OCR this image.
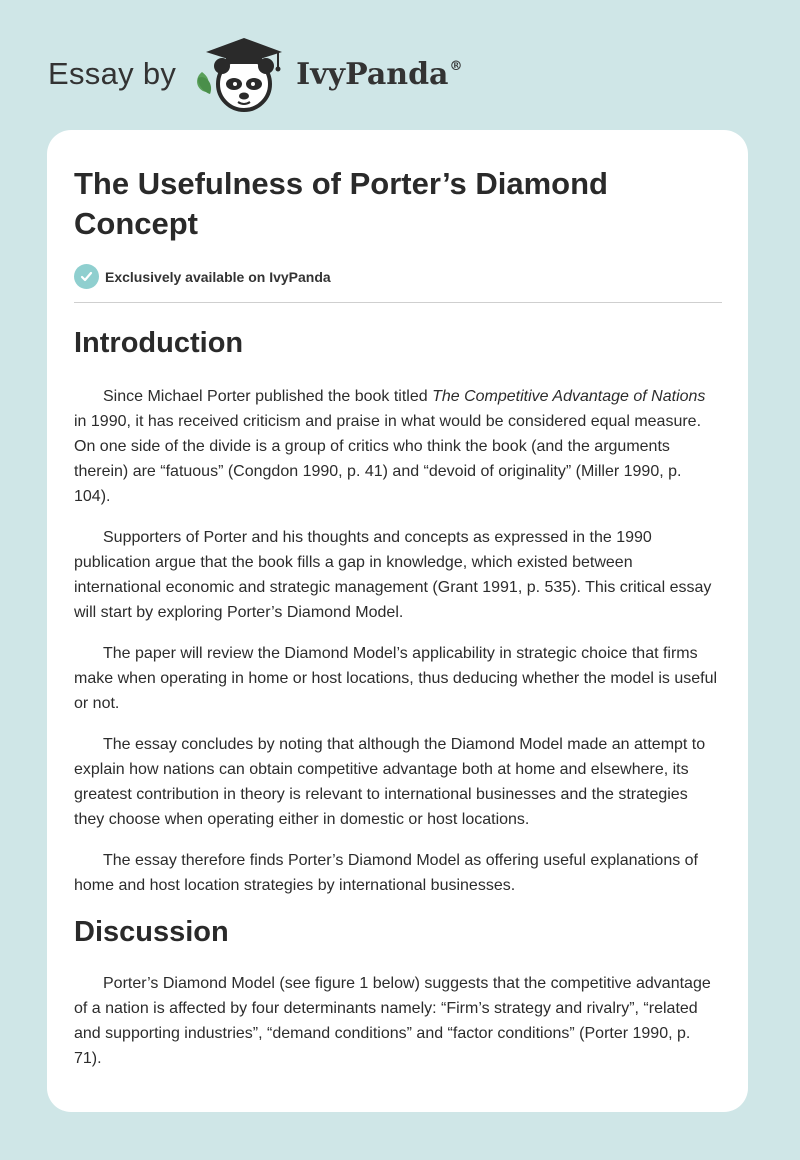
Essay by	IvyPanda®
The Usefulness of Porter’s Diamond Concept
Exclusively available on IvyPanda
Introduction

Since Michael Porter published the book titled The Competitive Advantage of Nations in 1990, it has received criticism and praise in what would be considered equal measure. On one side of the divide is a group of critics who think the book (and the arguments therein) are “fatuous” (Congdon 1990, p. 41) and “devoid of originality” (Miller 1990, p. 104).

Supporters of Porter and his thoughts and concepts as expressed in the 1990 publication argue that the book fills a gap in knowledge, which existed between international economic and strategic management (Grant 1991, p. 535). This critical essay will start by exploring Porter’s Diamond Model.

The paper will review the Diamond Model’s applicability in strategic choice that firms make when operating in home or host locations, thus deducing whether the model is useful or not.

The essay concludes by noting that although the Diamond Model made an attempt to explain how nations can obtain competitive advantage both at home and elsewhere, its greatest contribution in theory is relevant to international businesses and the strategies they choose when operating either in domestic or host locations.

The essay therefore finds Porter’s Diamond Model as offering useful explanations of home and host location strategies by international businesses.

Discussion

Porter’s Diamond Model (see figure 1 below) suggests that the competitive advantage of a nation is affected by four determinants namely: “Firm’s strategy and rivalry”, “related and supporting industries”, “demand conditions” and “factor conditions” (Porter 1990, p. 71).
